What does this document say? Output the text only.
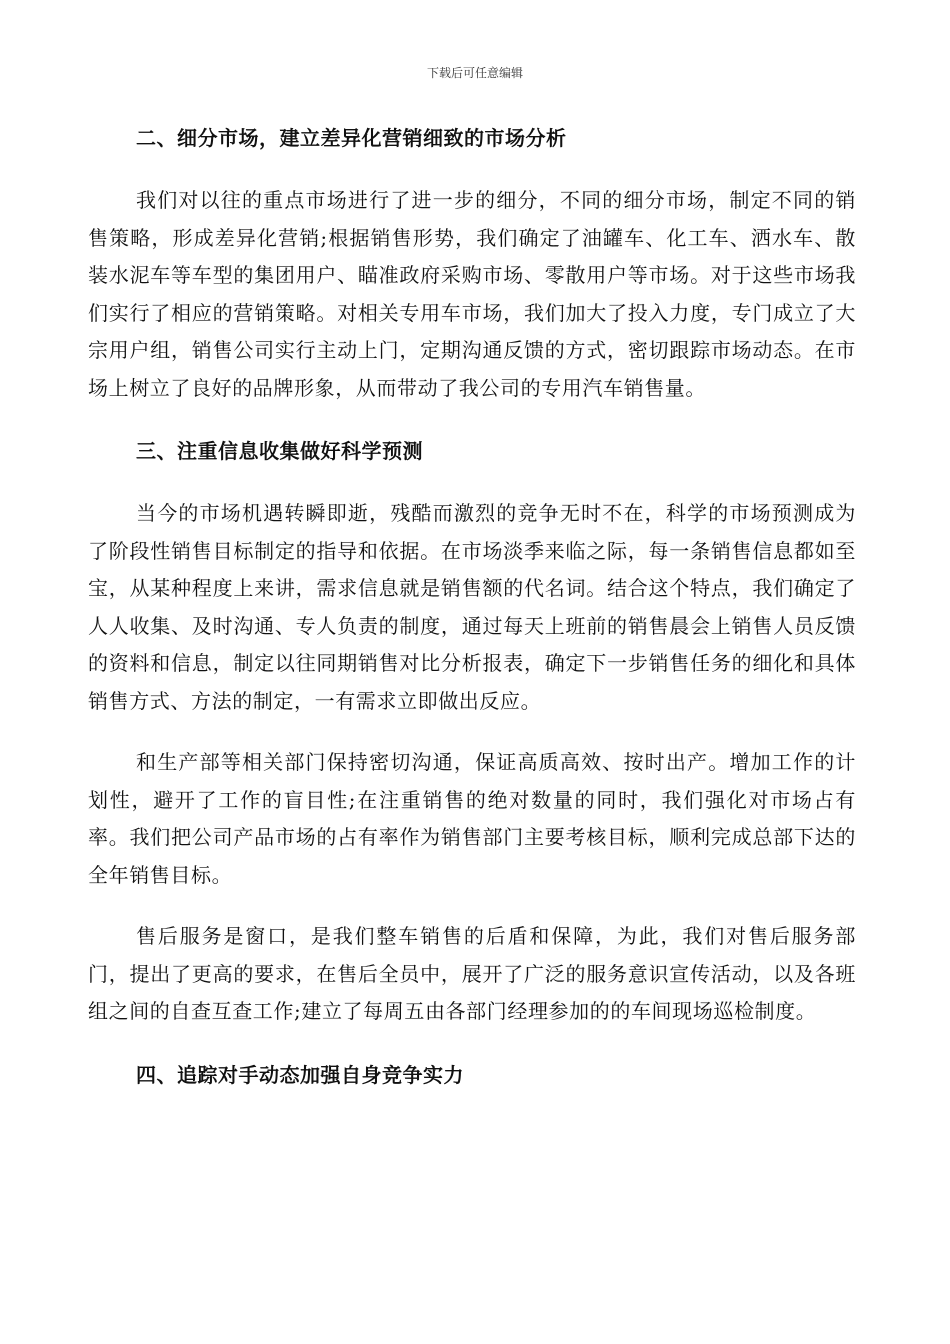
下载后可任意编辑
二、细分市场，建立差异化营销细致的市场分析

我们对以往的重点市场进行了进一步的细分，不同的细分市场，制定不同的销售策略，形成差异化营销;根据销售形势，我们确定了油罐车、化工车、洒水车、散装水泥车等车型的集团用户、瞄准政府采购市场、零散用户等市场。对于这些市场我们实行了相应的营销策略。对相关专用车市场，我们加大了投入力度，专门成立了大宗用户组，销售公司实行主动上门，定期沟通反馈的方式，密切跟踪市场动态。在市场上树立了良好的品牌形象，从而带动了我公司的专用汽车销售量。

三、注重信息收集做好科学预测

当今的市场机遇转瞬即逝，残酷而激烈的竞争无时不在，科学的市场预测成为了阶段性销售目标制定的指导和依据。在市场淡季来临之际，每一条销售信息都如至宝，从某种程度上来讲，需求信息就是销售额的代名词。结合这个特点，我们确定了人人收集、及时沟通、专人负责的制度，通过每天上班前的销售晨会上销售人员反馈的资料和信息，制定以往同期销售对比分析报表，确定下一步销售任务的细化和具体销售方式、方法的制定，一有需求立即做出反应。

和生产部等相关部门保持密切沟通，保证高质高效、按时出产。增加工作的计划性，避开了工作的盲目性;在注重销售的绝对数量的同时，我们强化对市场占有率。我们把公司产品市场的占有率作为销售部门主要考核目标，顺利完成总部下达的全年销售目标。

售后服务是窗口，是我们整车销售的后盾和保障，为此，我们对售后服务部门，提出了更高的要求，在售后全员中，展开了广泛的服务意识宣传活动，以及各班组之间的自查互查工作;建立了每周五由各部门经理参加的的车间现场巡检制度。

四、追踪对手动态加强自身竞争实力
